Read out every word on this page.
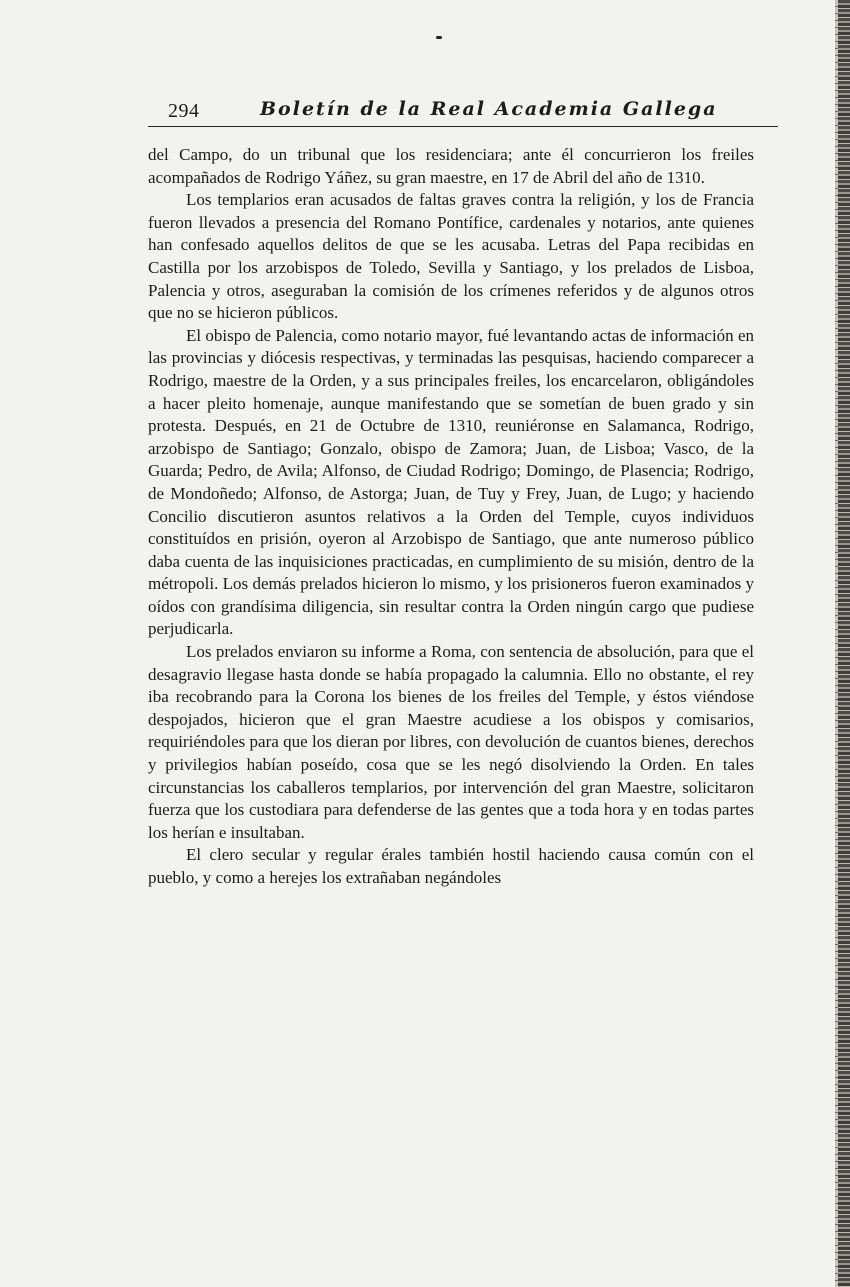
294	Boletín de la Real Academia Gallega

del Campo, do un tribunal que los residenciara; ante él concurrieron los freiles acompañados de Rodrigo Yáñez, su gran maestre, en 17 de Abril del año de 1310.

Los templarios eran acusados de faltas graves contra la religión, y los de Francia fueron llevados a presencia del Romano Pontífice, cardenales y notarios, ante quienes han confesado aquellos delitos de que se les acusaba. Letras del Papa recibidas en Castilla por los arzobispos de Toledo, Sevilla y Santiago, y los prelados de Lisboa, Palencia y otros, aseguraban la comisión de los crímenes referidos y de algunos otros que no se hicieron públicos.

El obispo de Palencia, como notario mayor, fué levantando actas de información en las provincias y diócesis respectivas, y terminadas las pesquisas, haciendo comparecer a Rodrigo, maestre de la Orden, y a sus principales freiles, los encarcelaron, obligándoles a hacer pleito homenaje, aunque manifestando que se sometían de buen grado y sin protesta. Después, en 21 de Octubre de 1310, reuniéronse en Salamanca, Rodrigo, arzobispo de Santiago; Gonzalo, obispo de Zamora; Juan, de Lisboa; Vasco, de la Guarda; Pedro, de Avila; Alfonso, de Ciudad Rodrigo; Domingo, de Plasencia; Rodrigo, de Mondoñedo; Alfonso, de Astorga; Juan, de Tuy y Frey, Juan, de Lugo; y haciendo Concilio discutieron asuntos relativos a la Orden del Temple, cuyos individuos constituídos en prisión, oyeron al Arzobispo de Santiago, que ante numeroso público daba cuenta de las inquisiciones practicadas, en cumplimiento de su misión, dentro de la métropoli. Los demás prelados hicieron lo mismo, y los prisioneros fueron examinados y oídos con grandísima diligencia, sin resultar contra la Orden ningún cargo que pudiese perjudicarla.

Los prelados enviaron su informe a Roma, con sentencia de absolución, para que el desagravio llegase hasta donde se había propagado la calumnia. Ello no obstante, el rey iba recobrando para la Corona los bienes de los freiles del Temple, y éstos viéndose despojados, hicieron que el gran Maestre acudiese a los obispos y comisarios, requiriéndoles para que los dieran por libres, con devolución de cuantos bienes, derechos y privilegios habían poseído, cosa que se les negó disolviendo la Orden. En tales circunstancias los caballeros templarios, por intervención del gran Maestre, solicitaron fuerza que los custodiara para defenderse de las gentes que a toda hora y en todas partes los herían e insultaban.

El clero secular y regular érales también hostil haciendo causa común con el pueblo, y como a herejes los extrañaban negándoles
